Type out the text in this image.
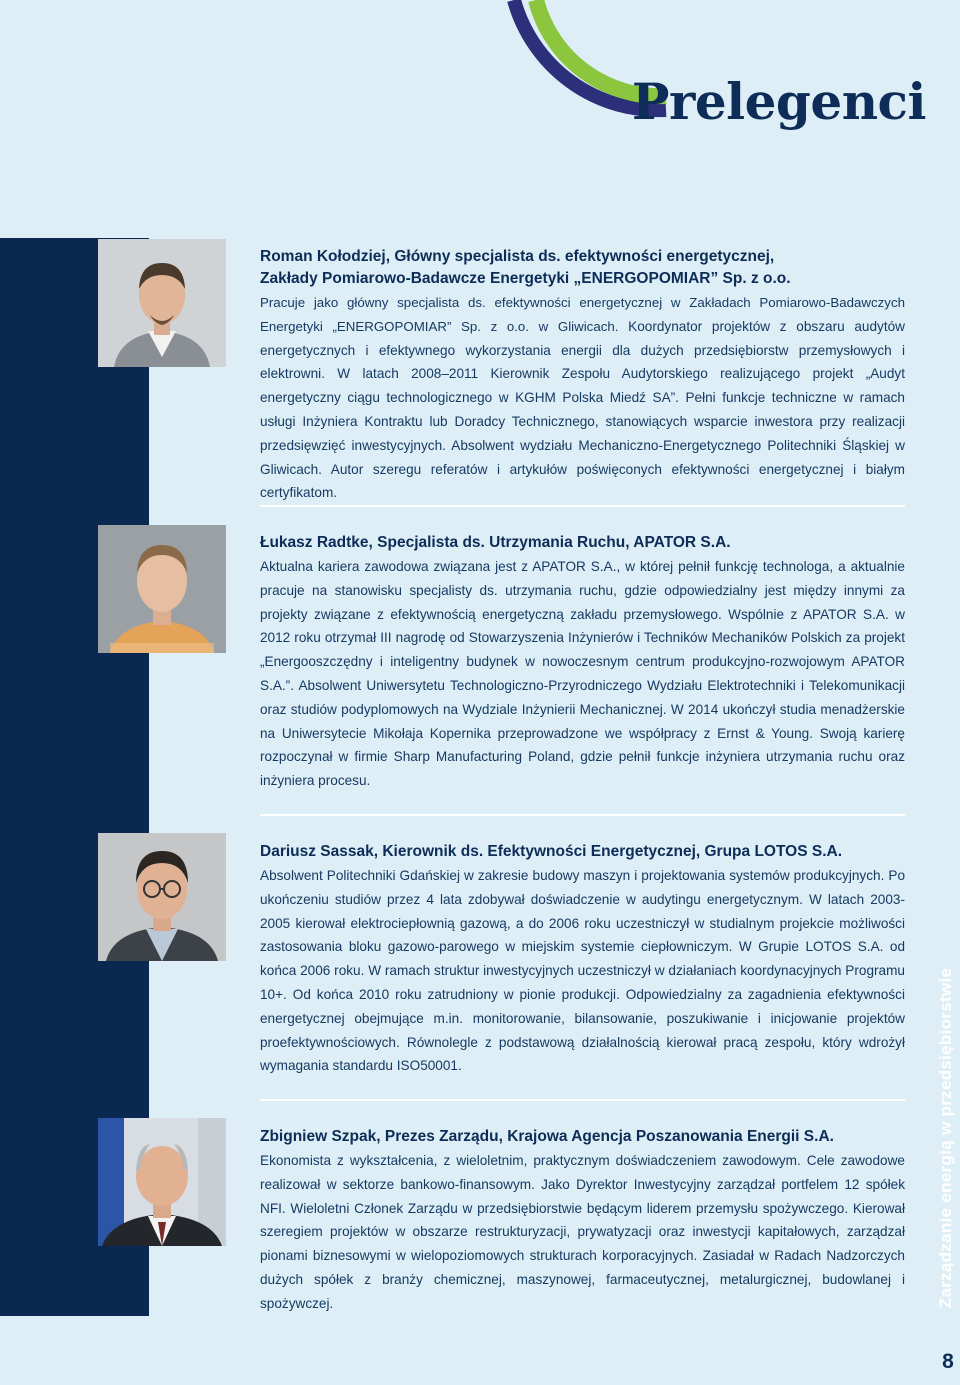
Prelegenci

Roman Kołodziej, Główny specjalista ds. efektywności energetycznej,
Zakłady Pomiarowo-Badawcze Energetyki „ENERGOPOMIAR” Sp. z o.o.

Pracuje jako główny specjalista ds. efektywności energetycznej w Zakładach Pomiarowo-Badawczych Energetyki „ENERGOPOMIAR” Sp. z o.o. w Gliwicach. Koordynator projektów z obszaru audytów energetycznych i efektywnego wykorzystania energii dla dużych przedsiębiorstw przemysłowych i elektrowni. W latach 2008–2011 Kierownik Zespołu Audytorskiego realizującego projekt „Audyt energetyczny ciągu technologicznego w KGHM Polska Miedź SA”. Pełni funkcje techniczne w ramach usługi Inżyniera Kontraktu lub Doradcy Technicznego, stanowiących wsparcie inwestora przy realizacji przedsięwzięć inwestycyjnych. Absolwent wydziału Mechaniczno-Energetycznego Politechniki Śląskiej w Gliwicach. Autor szeregu referatów i artykułów poświęconych efektywności energetycznej i białym certyfikatom.

Łukasz Radtke, Specjalista ds. Utrzymania Ruchu, APATOR S.A.

Aktualna kariera zawodowa związana jest z APATOR S.A., w której pełnił funkcję technologa, a aktualnie pracuje na stanowisku specjalisty ds. utrzymania ruchu, gdzie odpowiedzialny jest między innymi za projekty związane z efektywnością energetyczną zakładu przemysłowego. Wspólnie z APATOR S.A. w 2012 roku otrzymał III nagrodę od Stowarzyszenia Inżynierów i Techników Mechaników Polskich za projekt „Energooszczędny i inteligentny budynek w nowoczesnym centrum produkcyjno-rozwojowym APATOR S.A.”. Absolwent Uniwersytetu Technologiczno-Przyrodniczego Wydziału Elektrotechniki i Telekomunikacji oraz studiów podyplomowych na Wydziale Inżynierii Mechanicznej. W 2014 ukończył studia menadżerskie na Uniwersytecie Mikołaja Kopernika przeprowadzone we współpracy z Ernst & Young. Swoją karierę rozpoczynał w firmie Sharp Manufacturing Poland, gdzie pełnił funkcje inżyniera utrzymania ruchu oraz inżyniera procesu.

Dariusz Sassak, Kierownik ds. Efektywności Energetycznej, Grupa LOTOS S.A.

Absolwent Politechniki Gdańskiej w zakresie budowy maszyn i projektowania systemów produkcyjnych. Po ukończeniu studiów przez 4 lata zdobywał doświadczenie w audytingu energetycznym. W latach 2003-2005 kierował elektrociepłownią gazową, a do 2006 roku uczestniczył w studialnym projekcie możliwości zastosowania bloku gazowo-parowego w miejskim systemie ciepłowniczym. W Grupie LOTOS S.A. od końca 2006 roku. W ramach struktur inwestycyjnych uczestniczył w działaniach koordynacyjnych Programu 10+. Od końca 2010 roku zatrudniony w pionie produkcji. Odpowiedzialny za zagadnienia efektywności energetycznej obejmujące m.in. monitorowanie, bilansowanie, poszukiwanie i inicjowanie projektów proefektywnościowych. Równolegle z podstawową działalnością kierował pracą zespołu, który wdrożył wymagania standardu ISO50001.

Zbigniew Szpak, Prezes Zarządu, Krajowa Agencja Poszanowania Energii S.A.

Ekonomista z wykształcenia, z wieloletnim, praktycznym doświadczeniem zawodowym. Cele zawodowe realizował w sektorze bankowo-finansowym. Jako Dyrektor Inwestycyjny zarządzał portfelem 12 spółek NFI. Wieloletni Członek Zarządu w przedsiębiorstwie będącym liderem przemysłu spożywczego. Kierował szeregiem projektów w obszarze restrukturyzacji, prywatyzacji oraz inwestycji kapitałowych, zarządzał pionami biznesowymi w wielopoziomowych strukturach korporacyjnych. Zasiadał w Radach Nadzorczych dużych spółek z branży chemicznej, maszynowej, farmaceutycznej, metalurgicznej, budowlanej i spożywczej.	Zarządzanie energią w przedsiębiorstwie
8
